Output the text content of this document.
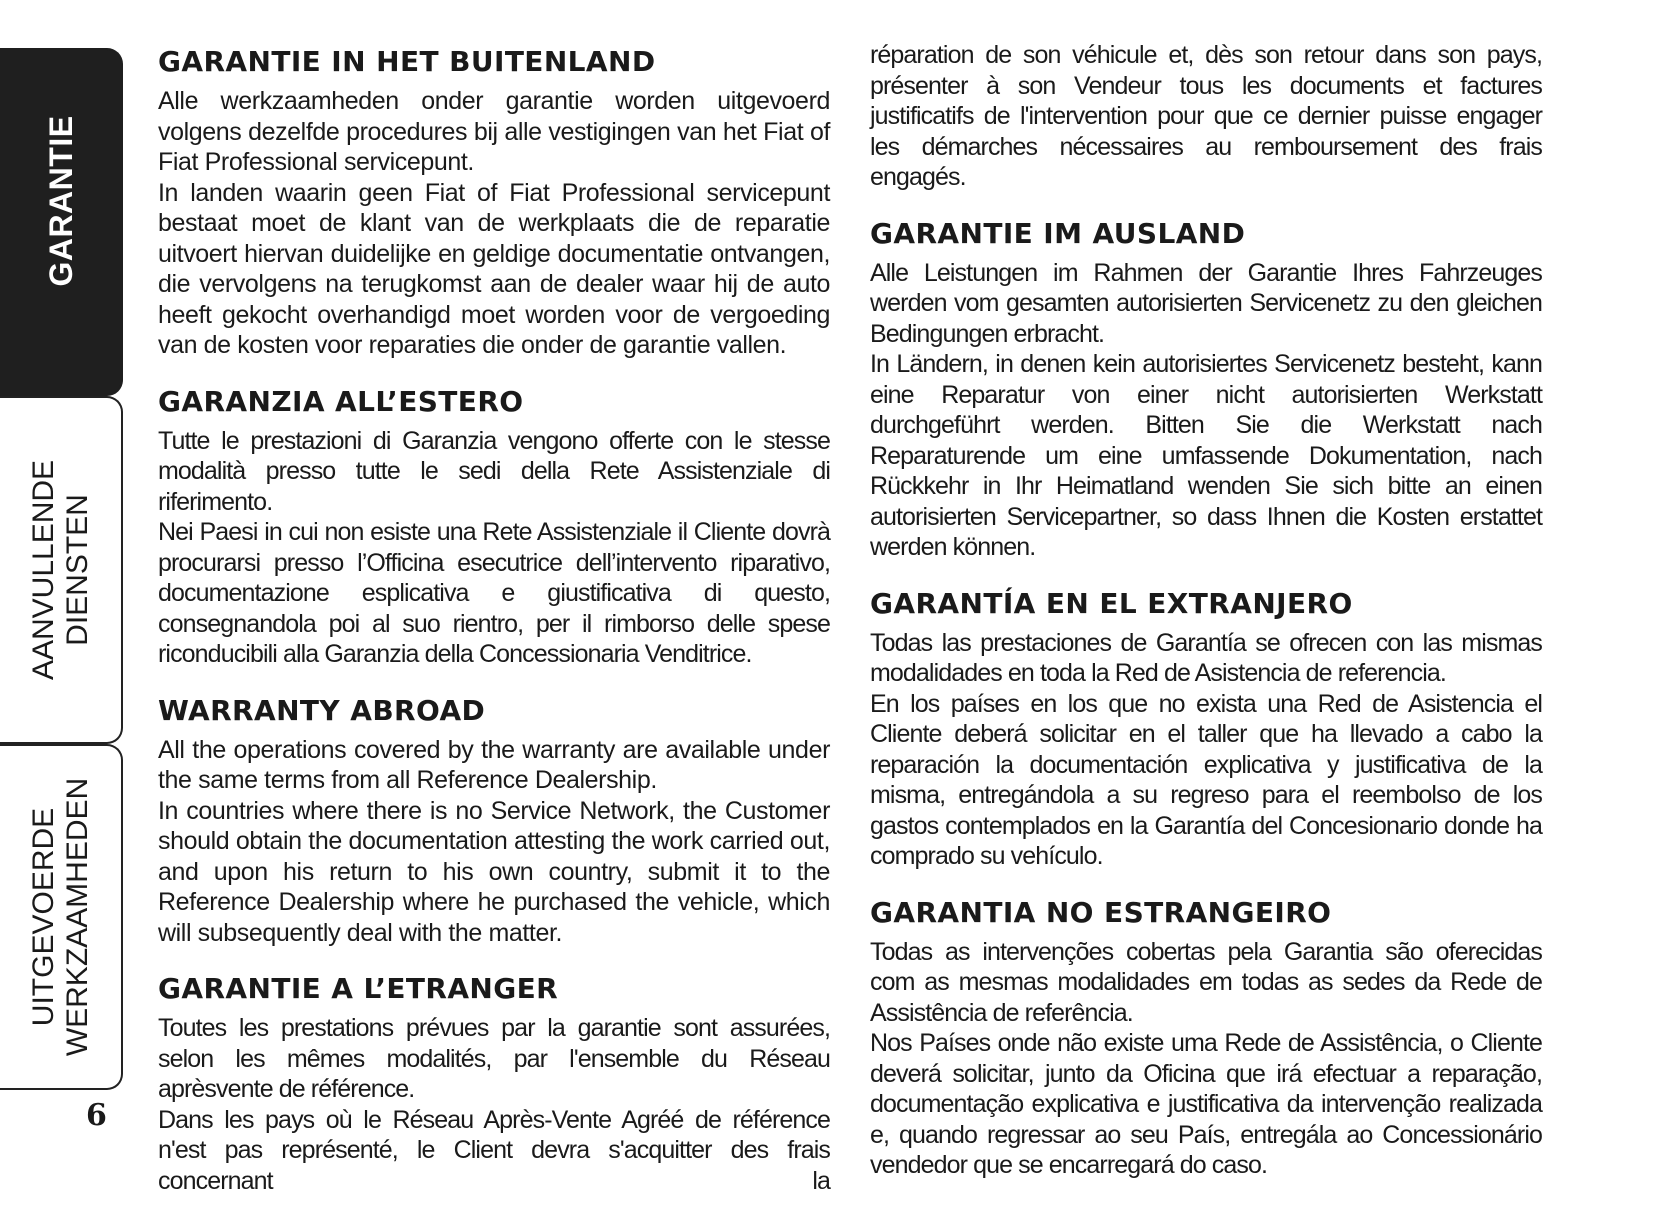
GARANTIE
AANVULLENDE DIENSTEN
UITGEVOERDE WERKZAAMHEDEN
6
GARANTIE IN HET BUITENLAND

Alle werkzaamheden onder garantie worden uitgevoerd volgens dezelfde procedures bij alle vestigingen van het Fiat of Fiat Professional servicepunt.

In landen waarin geen Fiat of Fiat Professional servicepunt bestaat moet de klant van de werkplaats die de reparatie uitvoert hiervan duidelijke en geldige documentatie ontvangen, die vervolgens na terugkomst aan de dealer waar hij de auto heeft gekocht overhandigd moet worden voor de vergoeding van de kosten voor reparaties die onder de garantie vallen.

GARANZIA ALL’ESTERO

Tutte le prestazioni di Garanzia vengono offerte con le stesse modalità presso tutte le sedi della Rete Assistenziale di riferimento.

Nei Paesi in cui non esiste una Rete Assistenziale il Cliente dovrà procurarsi presso l’Officina esecutrice dell’intervento riparativo, documentazione esplicativa e giustificativa di questo, consegnandola poi al suo rientro, per il rimborso delle spese riconducibili alla Garanzia della Concessionaria Venditrice.

WARRANTY ABROAD

All the operations covered by the warranty are available under the same terms from all Reference Dealership.

In countries where there is no Service Network, the Customer should obtain the documentation attesting the work carried out, and upon his return to his own country, submit it to the Reference Dealership where he purchased the vehicle, which will subsequently deal with the matter.

GARANTIE A L’ETRANGER

Toutes les prestations prévues par la garantie sont assurées, selon les mêmes modalités, par l'ensemble du Réseau aprèsvente de référence.

Dans les pays où le Réseau Après-Vente Agréé de référence n'est pas représenté, le Client devra s'acquitter des frais concernant la

réparation de son véhicule et, dès son retour dans son pays, présenter à son Vendeur tous les documents et factures justificatifs de l'intervention pour que ce dernier puisse engager les démarches nécessaires au remboursement des frais engagés.

GARANTIE IM AUSLAND

Alle Leistungen im Rahmen der Garantie Ihres Fahrzeuges werden vom gesamten autorisierten Servicenetz zu den gleichen Bedingungen erbracht.

In Ländern, in denen kein autorisiertes Servicenetz besteht, kann eine Reparatur von einer nicht autorisierten Werkstatt durchgeführt werden. Bitten Sie die Werkstatt nach Reparaturende um eine umfassende Dokumentation, nach Rückkehr in Ihr Heimatland wenden Sie sich bitte an einen autorisierten Servicepartner, so dass Ihnen die Kosten erstattet werden können.

GARANTÍA EN EL EXTRANJERO

Todas las prestaciones de Garantía se ofrecen con las mismas modalidades en toda la Red de Asistencia de referencia.

En los países en los que no exista una Red de Asistencia el Cliente deberá solicitar en el taller que ha llevado a cabo la reparación la documentación explicativa y justificativa de la misma, entregándola a su regreso para el reembolso de los gastos contemplados en la Garantía del Concesionario donde ha comprado su vehículo.

GARANTIA NO ESTRANGEIRO

Todas as intervenções cobertas pela Garantia são oferecidas com as mesmas modalidades em todas as sedes da Rede de Assistência de referência.

Nos Países onde não existe uma Rede de Assistência, o Cliente deverá solicitar, junto da Oficina que irá efectuar a reparação, documentação explicativa e justificativa da intervenção realizada e, quando regressar ao seu País, entregála ao Concessionário vendedor que se encarregará do caso.
